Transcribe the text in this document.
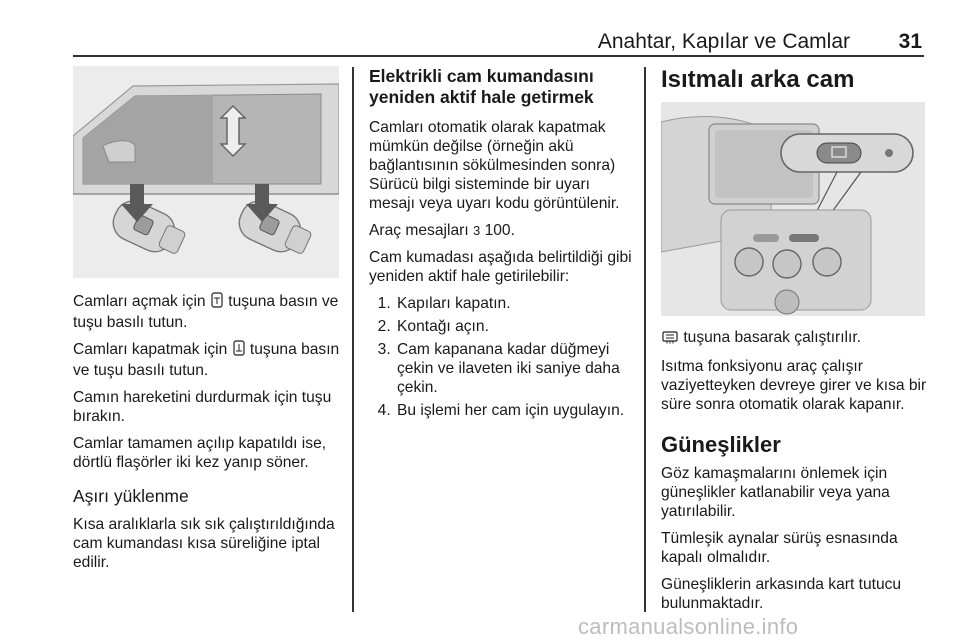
Anahtar, Kapılar ve Camlar 31

Camları açmak için  tuşuna basın ve tuşu basılı tutun.

Camları kapatmak için  tuşuna basın ve tuşu basılı tutun.

Camın hareketini durdurmak için tuşu bırakın.

Camlar tamamen açılıp kapatıldı ise, dörtlü flaşörler iki kez yanıp söner.

Aşırı yüklenme

Kısa aralıklarla sık sık çalıştırıldığında cam kumandası kısa süreliğine iptal edilir.

Elektrikli cam kumandasını yeniden aktif hale getirmek

Camları otomatik olarak kapatmak mümkün değilse (örneğin akü bağlantısının sökülmesinden sonra) Sürücü bilgi sisteminde bir uyarı mesajı veya uyarı kodu görüntülenir.

Araç mesajları 3 100.

Cam kumadası aşağıda belirtildiği gibi yeniden aktif hale getirilebilir:

1. Kapıları kapatın.
2. Kontağı açın.
3. Cam kapanana kadar düğmeyi çekin ve ilaveten iki saniye daha çekin.
4. Bu işlemi her cam için uygulayın.
Isıtmalı arka cam

tuşuna basarak çalıştırılır.

Isıtma fonksiyonu araç çalışır vaziyetteyken devreye girer ve kısa bir süre sonra otomatik olarak kapanır.

Güneşlikler

Göz kamaşmalarını önlemek için güneşlikler katlanabilir veya yana yatırılabilir.

Tümleşik aynalar sürüş esnasında kapalı olmalıdır.

Güneşliklerin arkasında kart tutucu bulunmaktadır.

carmanualsonline.info
